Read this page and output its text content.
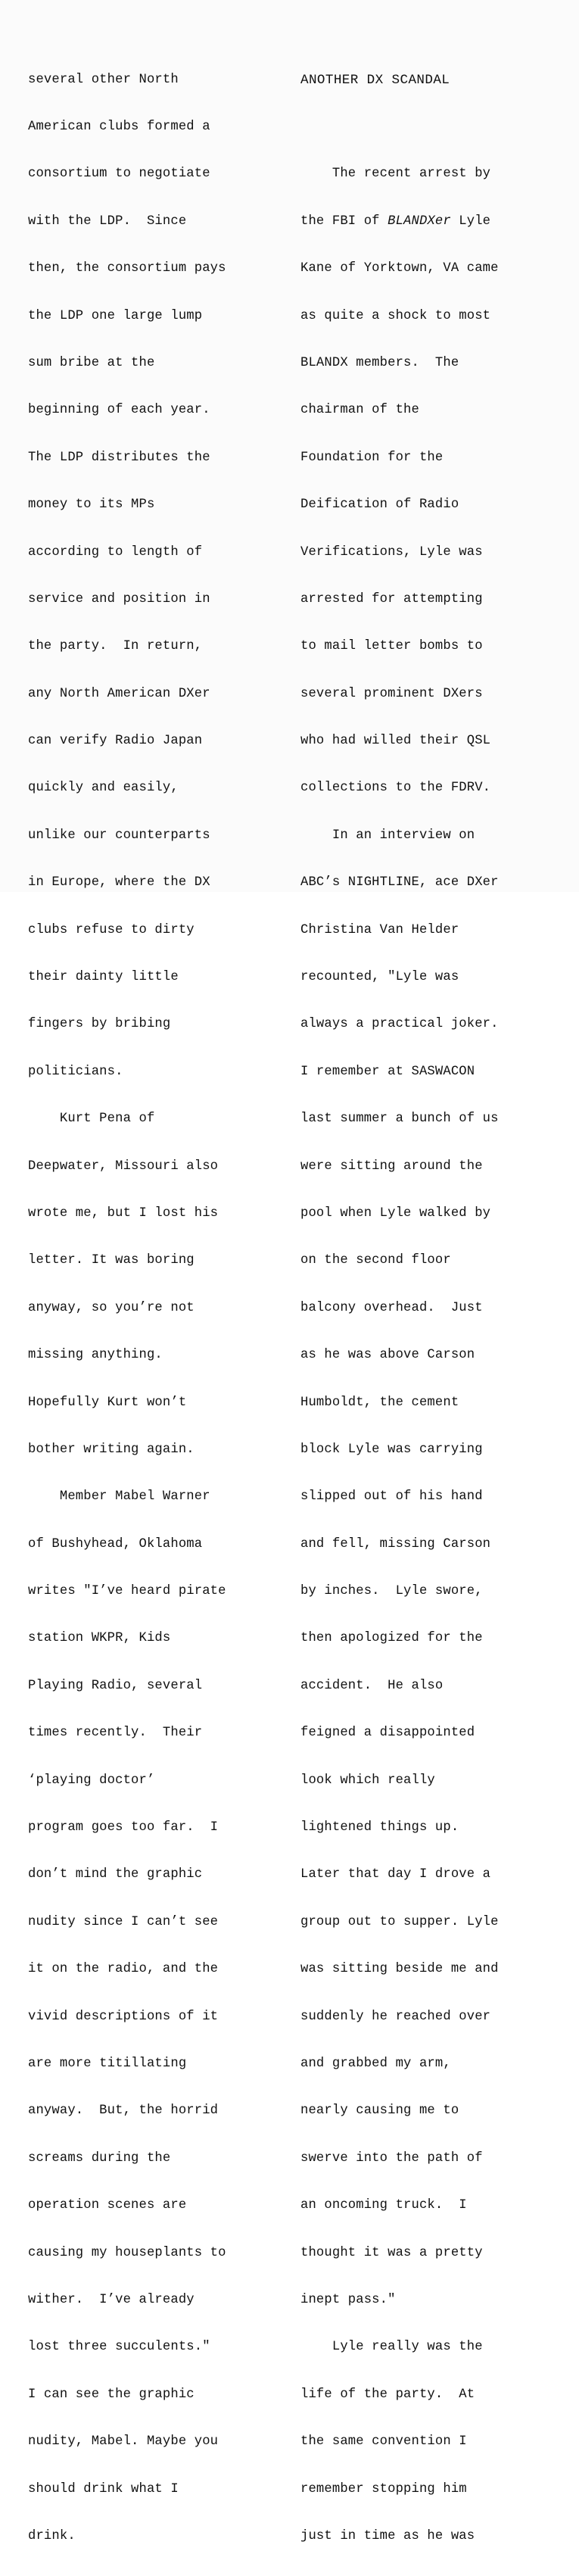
several other North

American clubs formed a

consortium to negotiate

with the LDP.  Since

then, the consortium pays

the LDP one large lump

sum bribe at the

beginning of each year.

The LDP distributes the

money to its MPs

according to length of

service and position in

the party.  In return,

any North American DXer

can verify Radio Japan

quickly and easily,

unlike our counterparts

in Europe, where the DX

clubs refuse to dirty

their dainty little

fingers by bribing

politicians.

Kurt Pena of

Deepwater, Missouri also

wrote me, but I lost his

letter. It was boring

anyway, so you’re not

missing anything.

Hopefully Kurt won’t

bother writing again.

Member Mabel Warner

of Bushyhead, Oklahoma

writes "I’ve heard pirate

station WKPR, Kids

Playing Radio, several

times recently.  Their

‘playing doctor’

program goes too far.  I

don’t mind the graphic

nudity since I can’t see

it on the radio, and the

vivid descriptions of it

are more titillating

anyway.  But, the horrid

screams during the

operation scenes are

causing my houseplants to

wither.  I’ve already

lost three succulents."

I can see the graphic

nudity, Mabel. Maybe you

should drink what I

drink.

ANOTHER DX SCANDAL

The recent arrest by

the FBI of BLANDXer Lyle

Kane of Yorktown, VA came

as quite a shock to most

BLANDX members.  The

chairman of the

Foundation for the

Deification of Radio

Verifications, Lyle was

arrested for attempting

to mail letter bombs to

several prominent DXers

who had willed their QSL

collections to the FDRV.

In an interview on

ABC’s NIGHTLINE, ace DXer

Christina Van Helder

recounted, "Lyle was

always a practical joker.

I remember at SASWACON

last summer a bunch of us

were sitting around the

pool when Lyle walked by

on the second floor

balcony overhead.  Just

as he was above Carson

Humboldt, the cement

block Lyle was carrying

slipped out of his hand

and fell, missing Carson

by inches.  Lyle swore,

then apologized for the

accident.  He also

feigned a disappointed

look which really

lightened things up.

Later that day I drove a

group out to supper. Lyle

was sitting beside me and

suddenly he reached over

and grabbed my arm,

nearly causing me to

swerve into the path of

an oncoming truck.  I

thought it was a pretty

inept pass."

Lyle really was the

life of the party.  At

the same convention I

remember stopping him

just in time as he was
